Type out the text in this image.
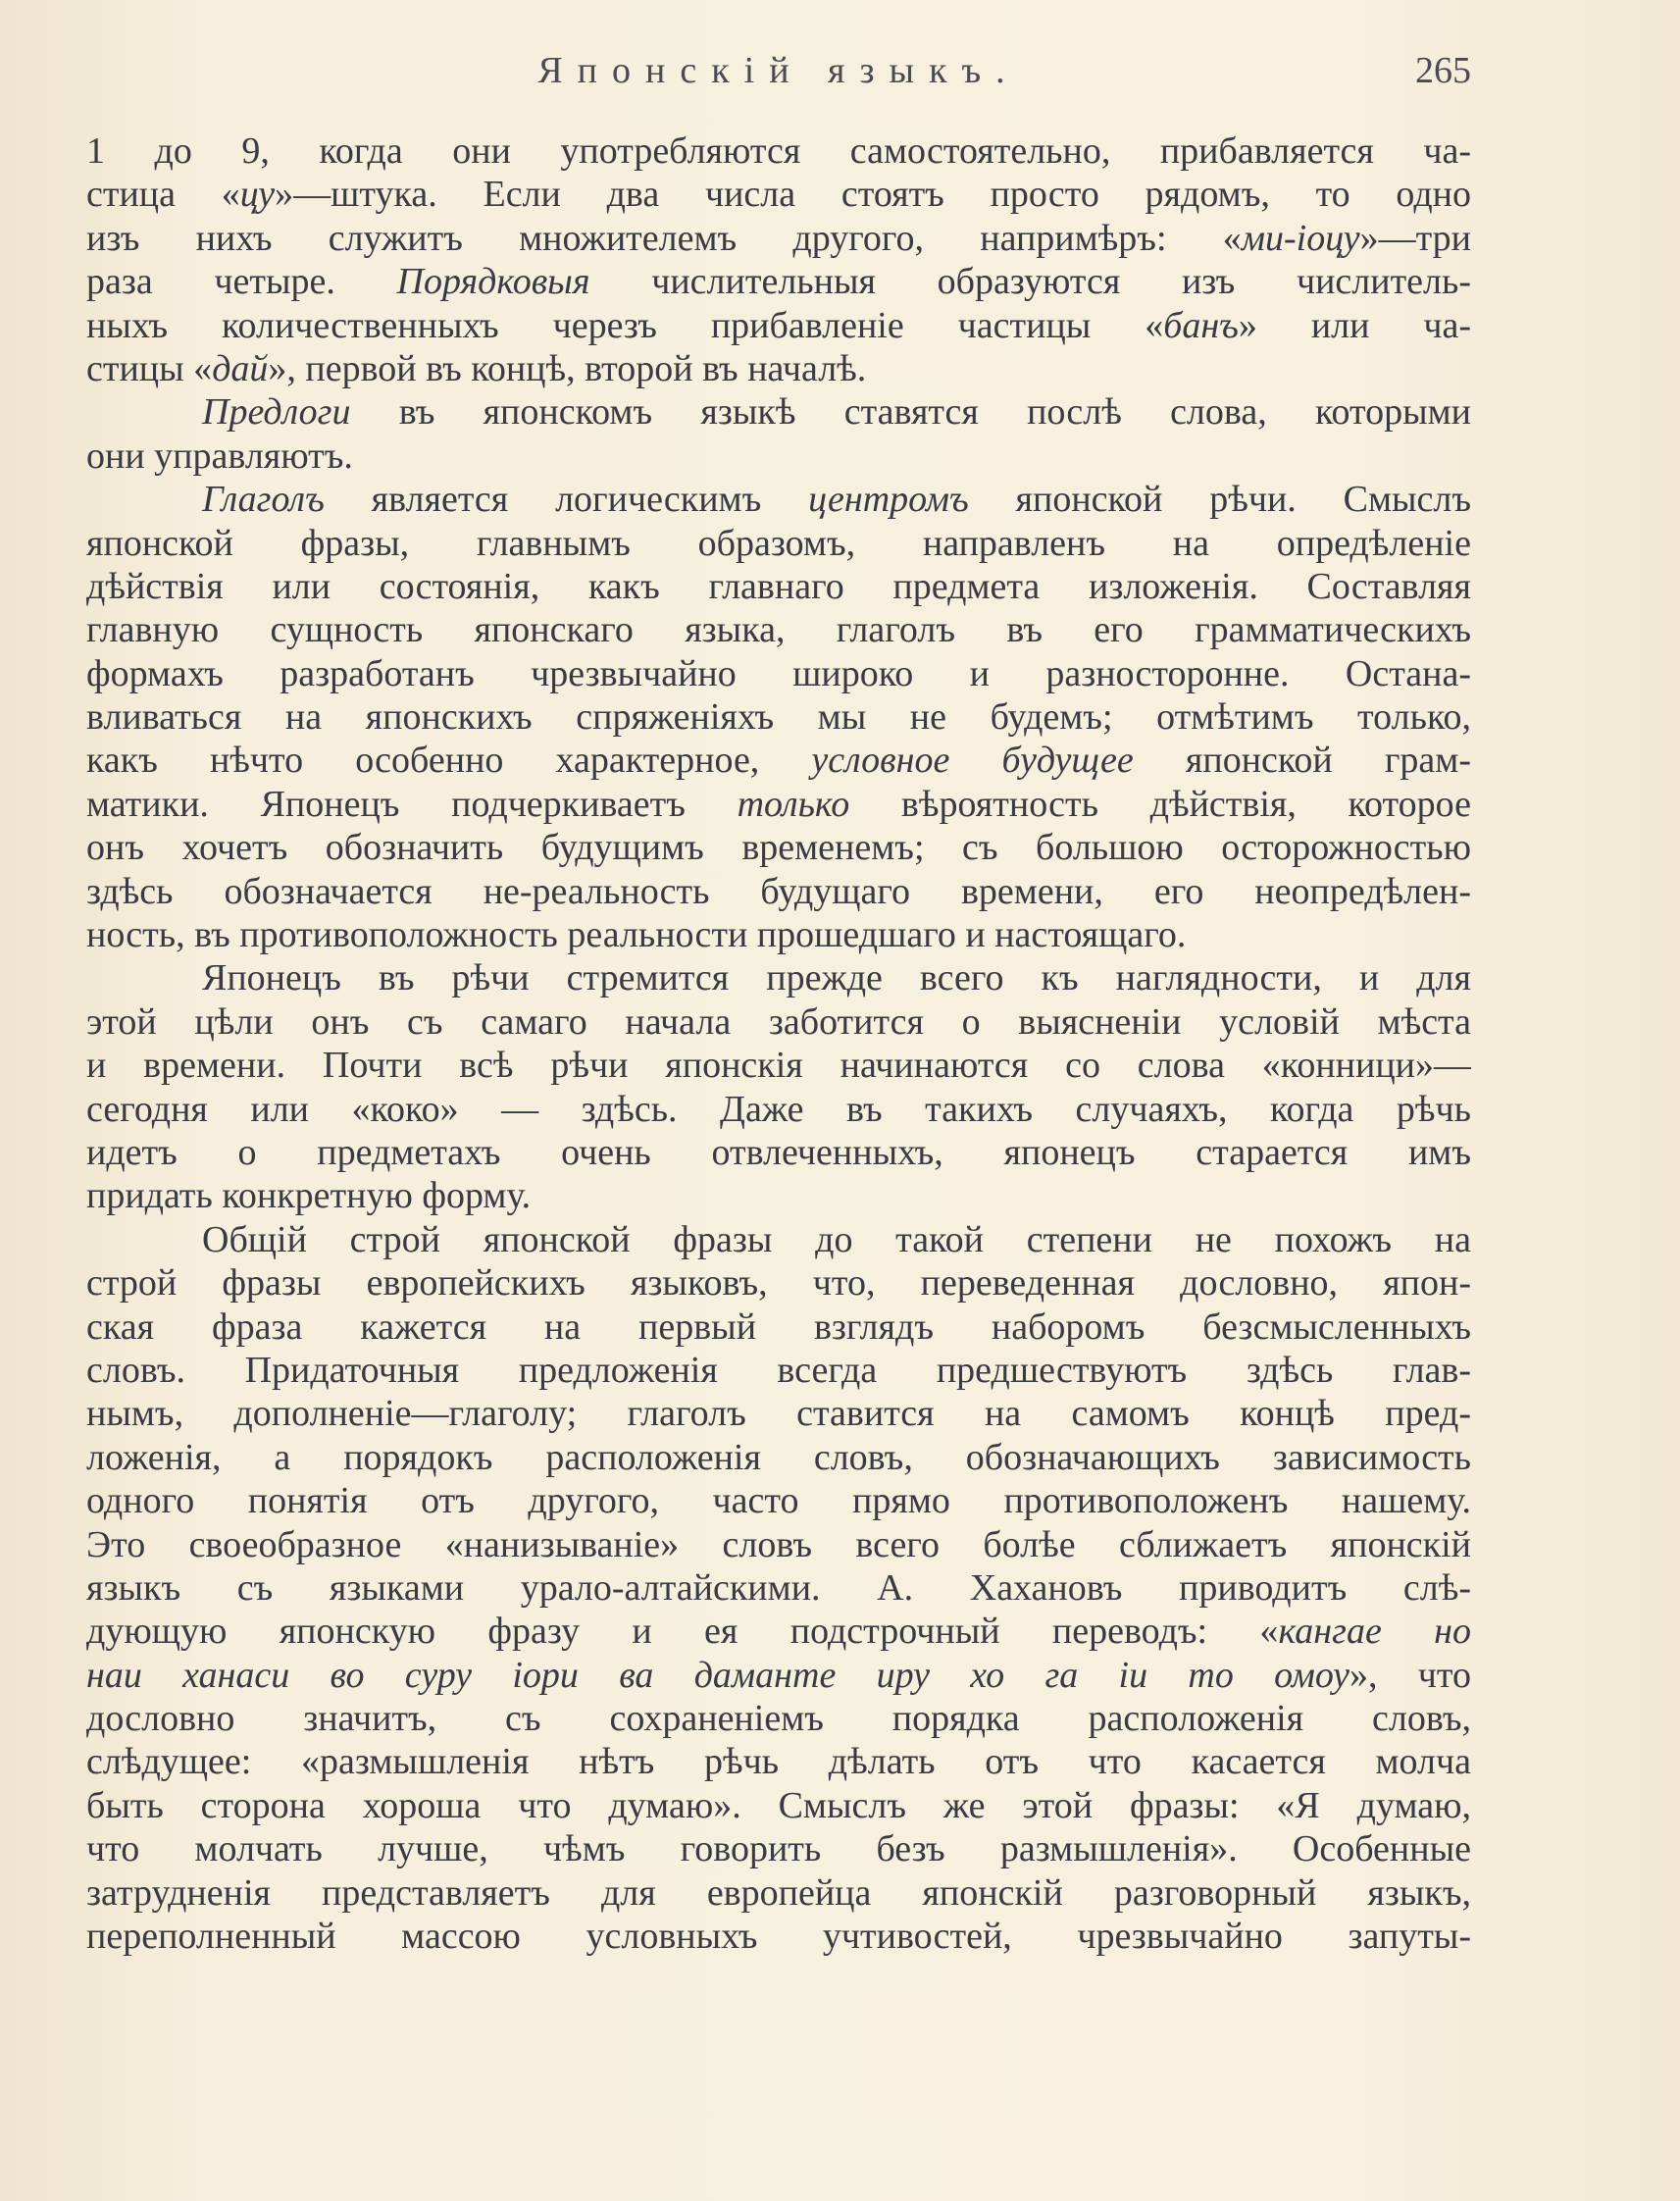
Японскій языкъ.	265
1 до 9, когда они употребляются самостоятельно, прибавляется ча-
стица «цу»—штука. Если два числа стоятъ просто рядомъ, то одно
изъ нихъ служитъ множителемъ другого, напримѣръ: «ми-іоцу»—три
раза четыре. Порядковыя числительныя образуются изъ числитель-
ныхъ количественныхъ черезъ прибавленіе частицы «банъ» или ча-
стицы «дай», первой въ концѣ, второй въ началѣ.
Предлоги въ японскомъ языкѣ ставятся послѣ слова, которыми
они управляютъ.
Глаголъ является логическимъ центромъ японской рѣчи. Смыслъ
японской фразы, главнымъ образомъ, направленъ на опредѣленіе
дѣйствія или состоянія, какъ главнаго предмета изложенія. Составляя
главную сущность японскаго языка, глаголъ въ его грамматическихъ
формахъ разработанъ чрезвычайно широко и разносторонне. Остана-
вливаться на японскихъ спряженіяхъ мы не будемъ; отмѣтимъ только,
какъ нѣчто особенно характерное, условное будущее японской грам-
матики. Японецъ подчеркиваетъ только вѣроятность дѣйствія, которое
онъ хочетъ обозначить будущимъ временемъ; съ большою осторожностью
здѣсь обозначается не-реальность будущаго времени, его неопредѣлен-
ность, въ противоположность реальности прошедшаго и настоящаго.
Японецъ въ рѣчи стремится прежде всего къ наглядности, и для
этой цѣли онъ съ самаго начала заботится о выясненіи условій мѣста
и времени. Почти всѣ рѣчи японскія начинаются со слова «конници»—
сегодня или «коко» — здѣсь. Даже въ такихъ случаяхъ, когда рѣчь
идетъ о предметахъ очень отвлеченныхъ, японецъ старается имъ
придать конкретную форму.
Общій строй японской фразы до такой степени не похожъ на
строй фразы европейскихъ языковъ, что, переведенная дословно, япон-
ская фраза кажется на первый взглядъ наборомъ безсмысленныхъ
словъ. Придаточныя предложенія всегда предшествуютъ здѣсь глав-
нымъ, дополненіе—глаголу; глаголъ ставится на самомъ концѣ пред-
ложенія, а порядокъ расположенія словъ, обозначающихъ зависимость
одного понятія отъ другого, часто прямо противоположенъ нашему.
Это своеобразное «нанизываніе» словъ всего болѣе сближаетъ японскій
языкъ съ языками урало-алтайскими. А. Хахановъ приводитъ слѣ-
дующую японскую фразу и ея подстрочный переводъ: «кангае но
наи ханаси во суру іори ва даманте иру хо га іи то омоу», что
дословно значитъ, съ сохраненіемъ порядка расположенія словъ,
слѣдущее: «размышленія нѣтъ рѣчь дѣлать отъ что касается молча
быть сторона хороша что думаю». Смыслъ же этой фразы: «Я думаю,
что молчать лучше, чѣмъ говорить безъ размышленія». Особенные
затрудненія представляетъ для европейца японскій разговорный языкъ,
переполненный массою условныхъ учтивостей, чрезвычайно запуты-
